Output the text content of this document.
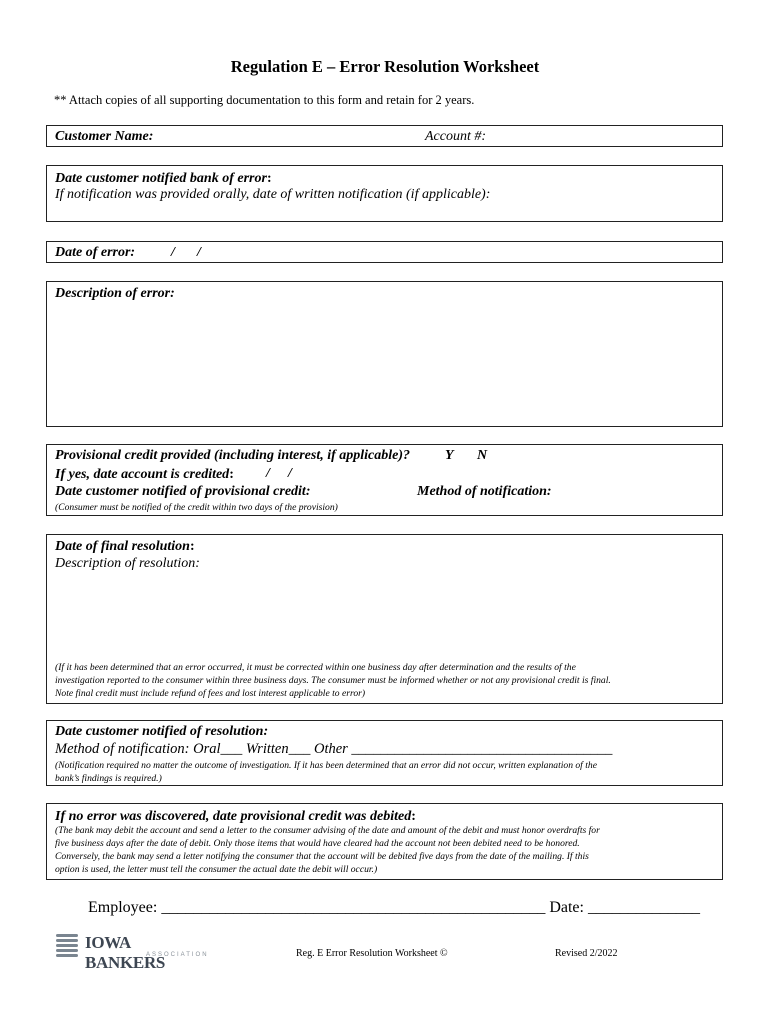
Regulation E – Error Resolution Worksheet
** Attach copies of all supporting documentation to this form and retain for 2 years.
Customer Name:	Account #:
Date customer notified bank of error:
If notification was provided orally, date of written notification (if applicable):
Date of error:	/ /
Description of error:
Provisional credit provided (including interest, if applicable)? Y N
If yes, date account is credited: / /
Date customer notified of provisional credit:	Method of notification:
(Consumer must be notified of the credit within two days of the provision)
Date of final resolution:
Description of resolution:
(If it has been determined that an error occurred, it must be corrected within one business day after determination and the results of the
investigation reported to the consumer within three business days. The consumer must be informed whether or not any provisional credit is final.
Note final credit must include refund of fees and lost interest applicable to error)
Date customer notified of resolution:
Method of notification: Oral___ Written___ Other ____________________________________
(Notification required no matter the outcome of investigation. If it has been determined that an error did not occur, written explanation of the
bank’s findings is required.)
If no error was discovered, date provisional credit was debited:
(The bank may debit the account and send a letter to the consumer advising of the date and amount of the debit and must honor overdrafts for
five business days after the date of debit. Only those items that would have cleared had the account not been debited need to be honored.
Conversely, the bank may send a letter notifying the consumer that the account will be debited five days from the date of the mailing. If this
option is used, the letter must tell the consumer the actual date the debit will occur.)
Employee: ________________________________________________ Date: ______________
IOWA BANKERS
ASSOCIATION	Reg. E Error Resolution Worksheet ©	Revised 2/2022
